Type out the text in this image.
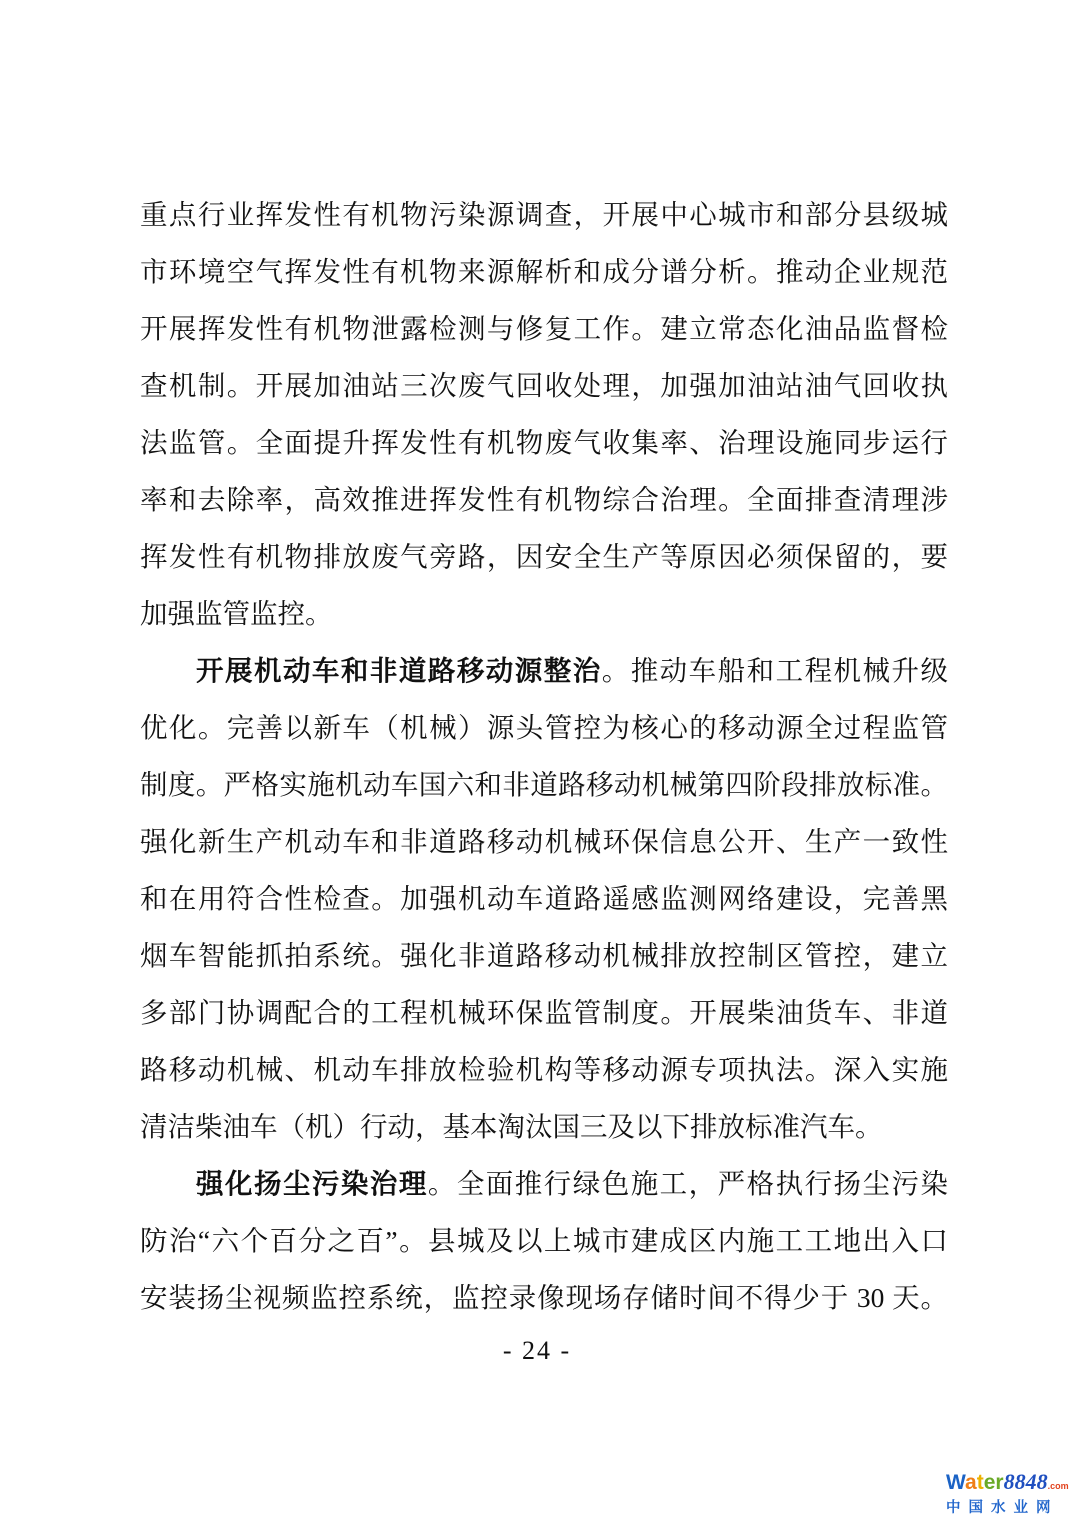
重点行业挥发性有机物污染源调查，开展中心城市和部分县级城
市环境空气挥发性有机物来源解析和成分谱分析。推动企业规范
开展挥发性有机物泄露检测与修复工作。建立常态化油品监督检
查机制。开展加油站三次废气回收处理，加强加油站油气回收执
法监管。全面提升挥发性有机物废气收集率、治理设施同步运行
率和去除率，高效推进挥发性有机物综合治理。全面排查清理涉
挥发性有机物排放废气旁路，因安全生产等原因必须保留的，要
加强监管监控。
开展机动车和非道路移动源整治。推动车船和工程机械升级
优化。完善以新车（机械）源头管控为核心的移动源全过程监管
制度。严格实施机动车国六和非道路移动机械第四阶段排放标准。
强化新生产机动车和非道路移动机械环保信息公开、生产一致性
和在用符合性检查。加强机动车道路遥感监测网络建设，完善黑
烟车智能抓拍系统。强化非道路移动机械排放控制区管控，建立
多部门协调配合的工程机械环保监管制度。开展柴油货车、非道
路移动机械、机动车排放检验机构等移动源专项执法。深入实施
清洁柴油车（机）行动，基本淘汰国三及以下排放标准汽车。
强化扬尘污染治理。全面推行绿色施工，严格执行扬尘污染
防治“六个百分之百”。县城及以上城市建成区内施工工地出入口
安装扬尘视频监控系统，监控录像现场存储时间不得少于 30 天。
- 24 -
Water8848.com
中国水业网
